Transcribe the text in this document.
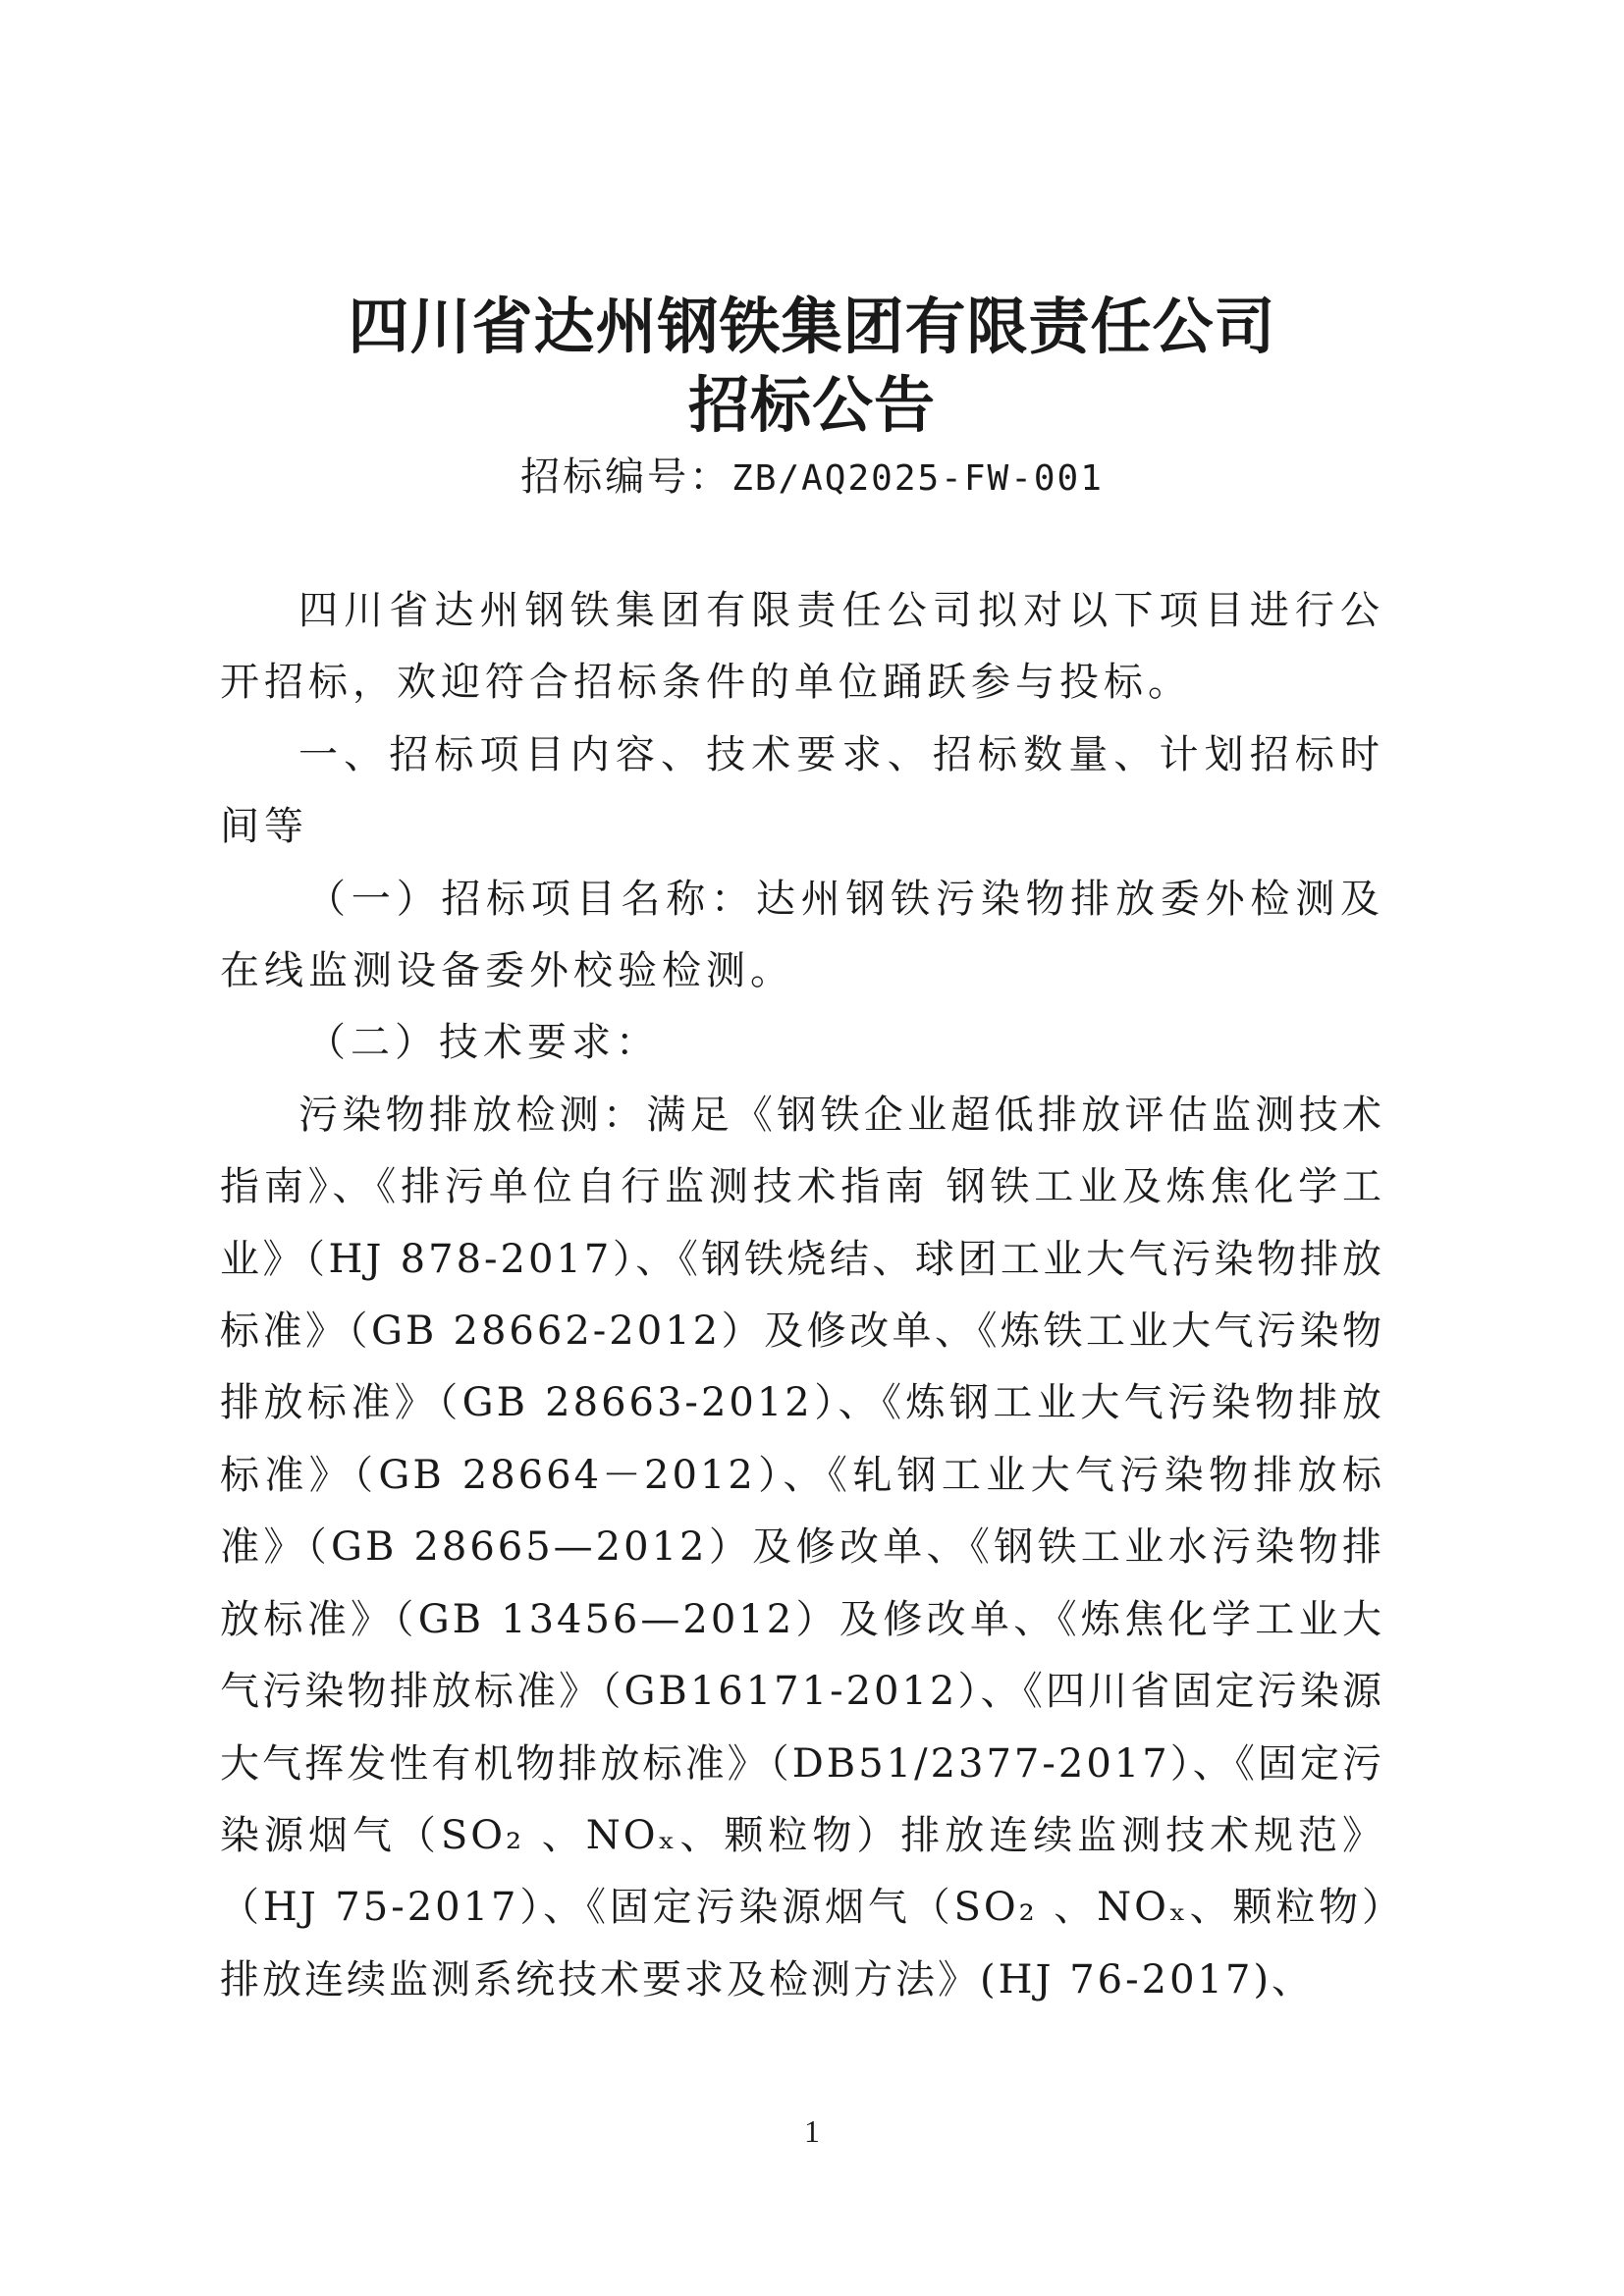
四川省达州钢铁集团有限责任公司
招标公告
招标编号：ZB/AQ2025-FW-001

四川省达州钢铁集团有限责任公司拟对以下项目进行公开招标，欢迎符合招标条件的单位踊跃参与投标。

一、招标项目内容、技术要求、招标数量、计划招标时间等

（一）招标项目名称：达州钢铁污染物排放委外检测及在线监测设备委外校验检测。

（二）技术要求：

污染物排放检测：满足《钢铁企业超低排放评估监测技术指南》、《排污单位自行监测技术指南 钢铁工业及炼焦化学工业》（HJ 878-2017）、《钢铁烧结、球团工业大气污染物排放标准》（GB 28662-2012）及修改单、《炼铁工业大气污染物排放标准》（GB 28663-2012）、《炼钢工业大气污染物排放标准》（GB 28664－2012）、《轧钢工业大气污染物排放标准》（GB 28665—2012）及修改单、《钢铁工业水污染物排放标准》（GB 13456—2012）及修改单、《炼焦化学工业大气污染物排放标准》（GB16171-2012）、《四川省固定污染源大气挥发性有机物排放标准》（DB51/2377-2017）、《固定污染源烟气（SO₂ 、NOₓ、颗粒物）排放连续监测技术规范》（HJ 75-2017）、《固定污染源烟气（SO₂ 、NOₓ、颗粒物）排放连续监测系统技术要求及检测方法》(HJ 76-2017)、

1
